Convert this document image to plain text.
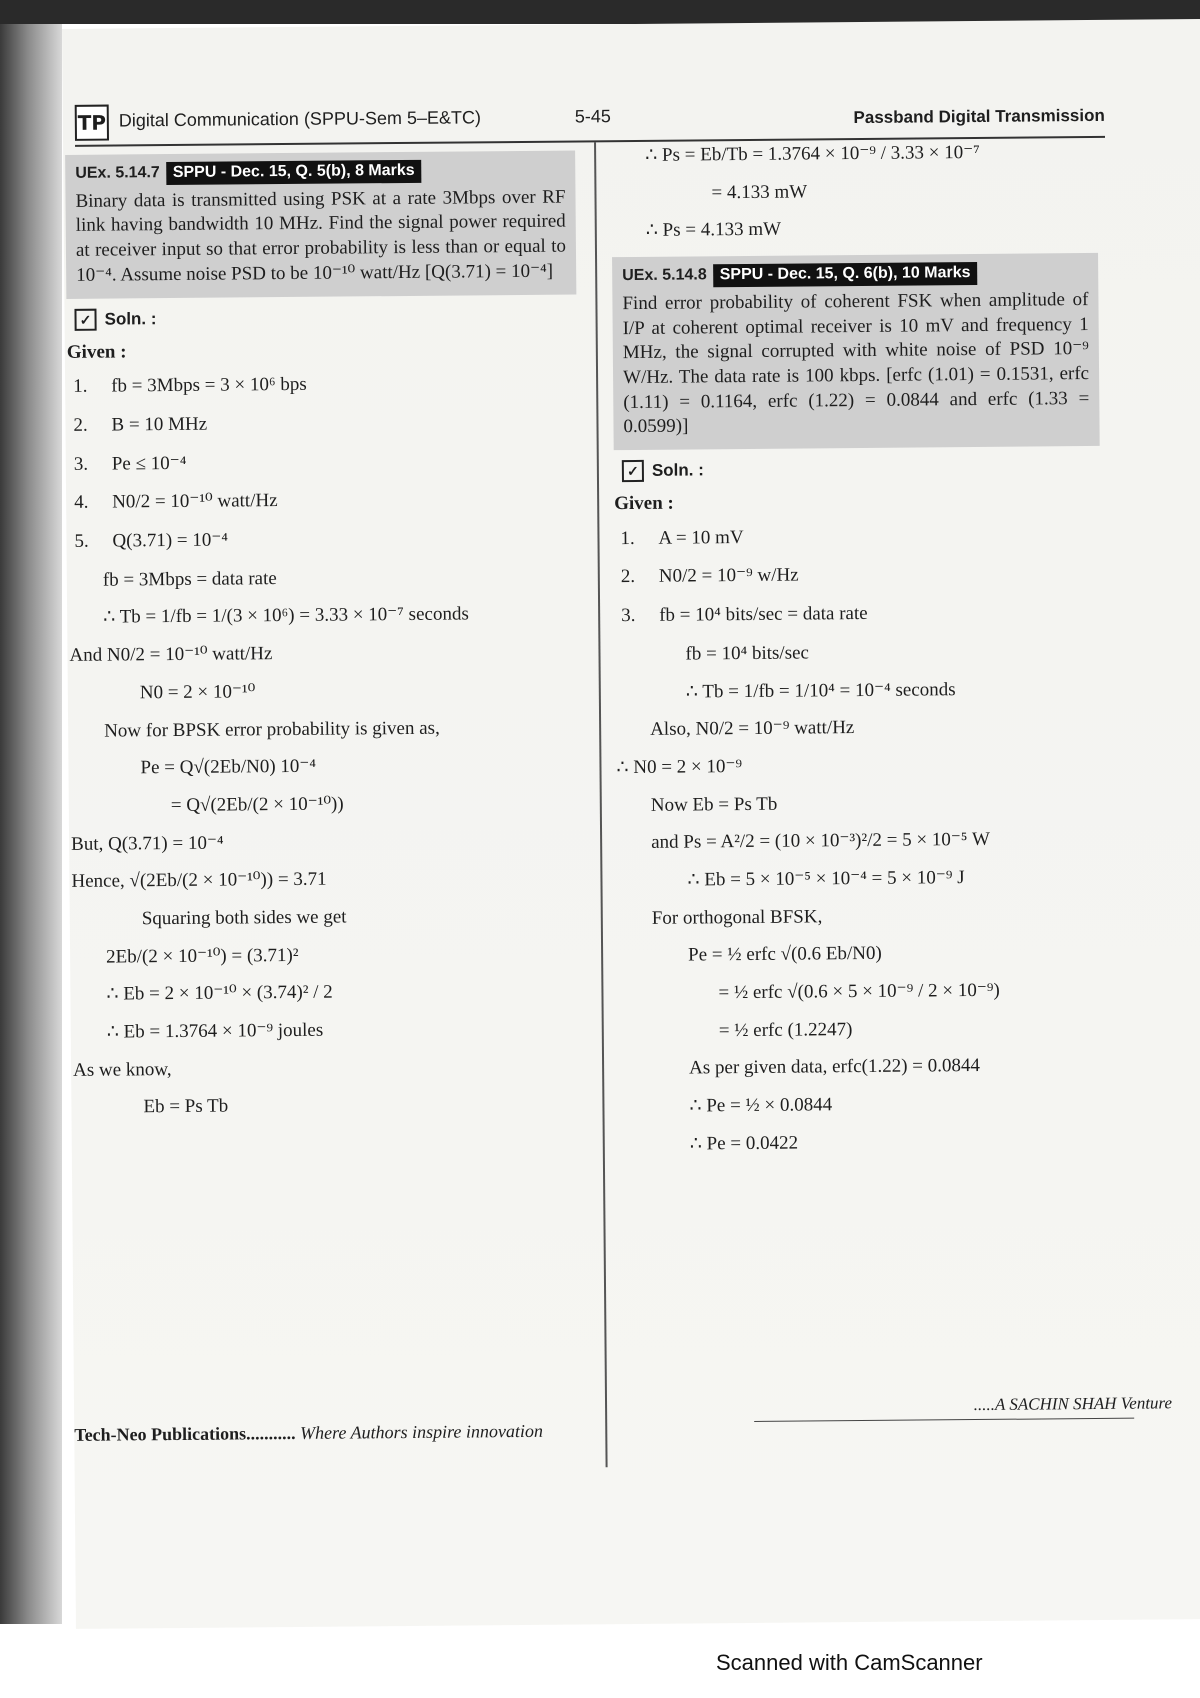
TP Digital Communication (SPPU-Sem 5–E&TC)	5-45	Passband Digital Transmission
UEx. 5.14.7 SPPU - Dec. 15, Q. 5(b), 8 Marks
Binary data is transmitted using PSK at a rate 3Mbps over RF link having bandwidth 10 MHz. Find the signal power required at receiver input so that error probability is less than or equal to 10⁻⁴. Assume noise PSD to be 10⁻¹⁰ watt/Hz [Q(3.71) = 10⁻⁴]
✓ Soln. :
Given :
1. fb = 3Mbps = 3 × 10⁶ bps
2. B = 10 MHz
3. Pe ≤ 10⁻⁴
4. N0/2 = 10⁻¹⁰ watt/Hz
5. Q(3.71) = 10⁻⁴
fb = 3Mbps = data rate
∴ Tb = 1/fb = 1/(3 × 10⁶) = 3.33 × 10⁻⁷ seconds
And N0/2 = 10⁻¹⁰ watt/Hz
N0 = 2 × 10⁻¹⁰
Now for BPSK error probability is given as,
Pe = Q√(2Eb/N0) 10⁻⁴
= Q√(2Eb/(2 × 10⁻¹⁰))
But, Q(3.71) = 10⁻⁴
Hence, √(2Eb/(2 × 10⁻¹⁰)) = 3.71
Squaring both sides we get
2Eb/(2 × 10⁻¹⁰) = (3.71)²
∴ Eb = 2 × 10⁻¹⁰ × (3.74)² / 2
∴ Eb = 1.3764 × 10⁻⁹ joules
As we know,
Eb = Ps Tb
∴ Ps = Eb/Tb = 1.3764 × 10⁻⁹ / 3.33 × 10⁻⁷
= 4.133 mW
∴ Ps = 4.133 mW
UEx. 5.14.8 SPPU - Dec. 15, Q. 6(b), 10 Marks
Find error probability of coherent FSK when amplitude of I/P at coherent optimal receiver is 10 mV and frequency 1 MHz, the signal corrupted with white noise of PSD 10⁻⁹ W/Hz. The data rate is 100 kbps. [erfc (1.01) = 0.1531, erfc (1.11) = 0.1164, erfc (1.22) = 0.0844 and erfc (1.33 = 0.0599)]
✓ Soln. :
Given :
1. A = 10 mV
2. N0/2 = 10⁻⁹ w/Hz
3. fb = 10⁴ bits/sec = data rate
fb = 10⁴ bits/sec
∴ Tb = 1/fb = 1/10⁴ = 10⁻⁴ seconds
Also, N0/2 = 10⁻⁹ watt/Hz
∴ N0 = 2 × 10⁻⁹
Now Eb = Ps Tb
and Ps = A²/2 = (10 × 10⁻³)²/2 = 5 × 10⁻⁵ W
∴ Eb = 5 × 10⁻⁵ × 10⁻⁴ = 5 × 10⁻⁹ J
For orthogonal BFSK,
Pe = ½ erfc √(0.6 Eb/N0)
= ½ erfc √(0.6 × 5 × 10⁻⁹ / 2 × 10⁻⁹)
= ½ erfc (1.2247)
As per given data, erfc(1.22) = 0.0844
∴ Pe = ½ × 0.0844
∴ Pe = 0.0422
.....A SACHIN SHAH Venture
Tech-Neo Publications........... Where Authors inspire innovation
Scanned with CamScanner
